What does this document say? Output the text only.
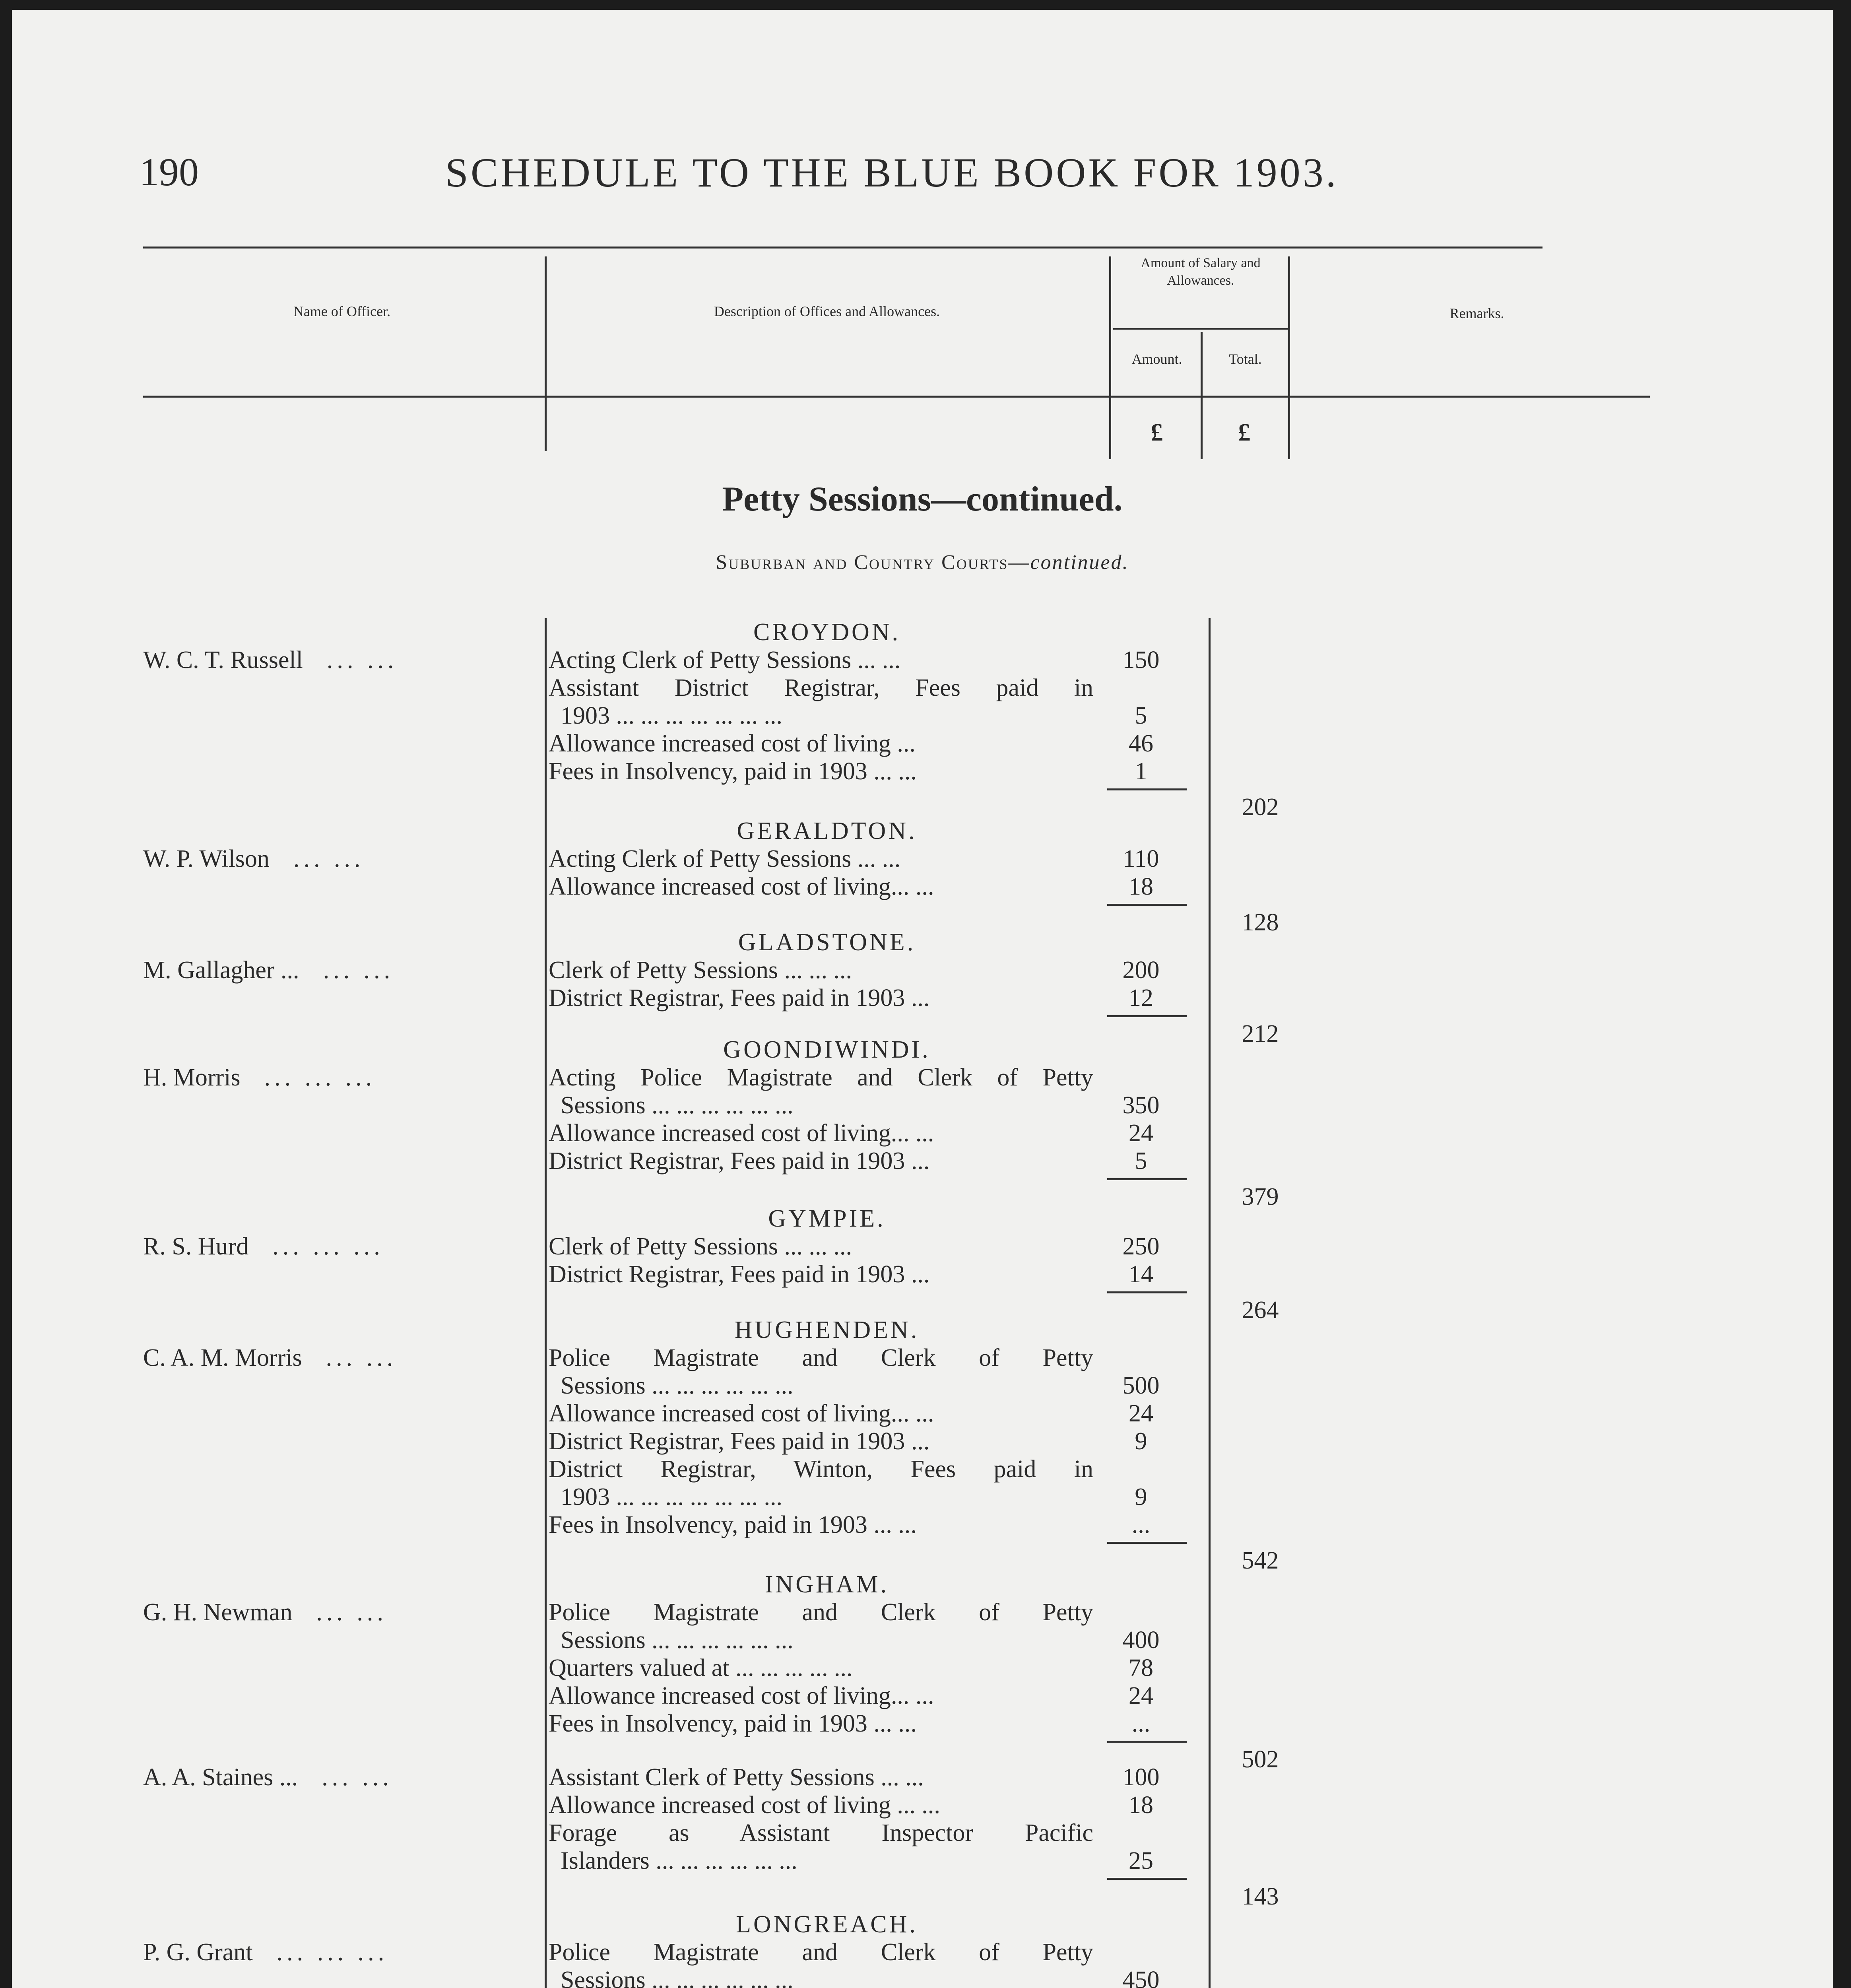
190	SCHEDULE TO THE BLUE BOOK FOR 1903.
Name of Officer.	Description of Offices and Allowances.
Amount of Salary and Allowances.
Amount.	Total.
Remarks.
£	£
Petty Sessions—continued.
Suburban and Country Courts—continued.
CROYDON.
W. C. T. Russell ... ...	Acting Clerk of Petty Sessions ... ...	150
Assistant District Registrar, Fees paid in
1903 ... ... ... ... ... ... ...	5
Allowance increased cost of living ...	46
Fees in Insolvency, paid in 1903 ... ...	1
202
GERALDTON.
W. P. Wilson ... ...	Acting Clerk of Petty Sessions ... ...	110
Allowance increased cost of living... ...	18
128
GLADSTONE.
M. Gallagher ... ... ...	Clerk of Petty Sessions ... ... ...	200
District Registrar, Fees paid in 1903 ...	12
212
GOONDIWINDI.
H. Morris ... ... ...	Acting Police Magistrate and Clerk of Petty
Sessions ... ... ... ... ... ...	350
Allowance increased cost of living... ...	24
District Registrar, Fees paid in 1903 ...	5
379
GYMPIE.
R. S. Hurd ... ... ...	Clerk of Petty Sessions ... ... ...	250
District Registrar, Fees paid in 1903 ...	14
264
HUGHENDEN.
C. A. M. Morris ... ...	Police Magistrate and Clerk of Petty
Sessions ... ... ... ... ... ...	500
Allowance increased cost of living... ...	24
District Registrar, Fees paid in 1903 ...	9
District Registrar, Winton, Fees paid in
1903 ... ... ... ... ... ... ...	9
Fees in Insolvency, paid in 1903 ... ...	...
542
INGHAM.
G. H. Newman ... ...	Police Magistrate and Clerk of Petty
Sessions ... ... ... ... ... ...	400
Quarters valued at ... ... ... ... ...	78
Allowance increased cost of living... ...	24
Fees in Insolvency, paid in 1903 ... ...	...
502
A. A. Staines ... ... ...	Assistant Clerk of Petty Sessions ... ...	100
Allowance increased cost of living ... ...	18
Forage as Assistant Inspector Pacific
Islanders ... ... ... ... ... ...	25
143
LONGREACH.
P. G. Grant ... ... ...	Police Magistrate and Clerk of Petty
Sessions ... ... ... ... ... ...	450
